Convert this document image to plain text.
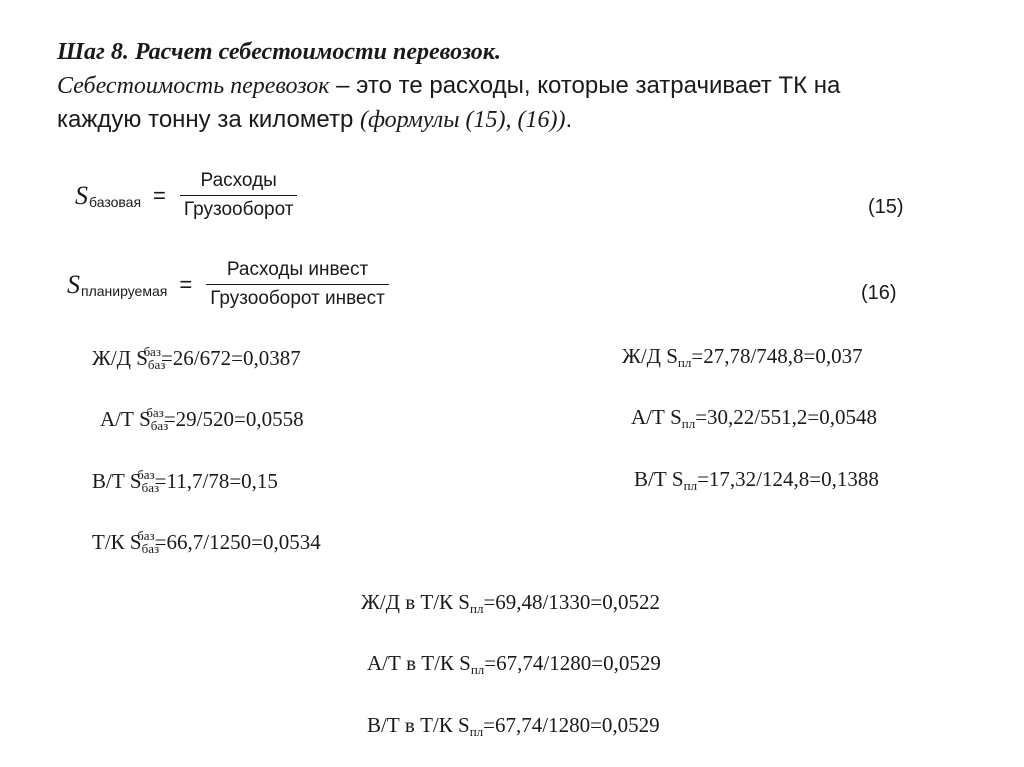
Шаг 8. Расчет себестоимости перевозок.
Себестоимость перевозок – это те расходы, которые затрачивает ТК на
каждую тонну за километр (формулы (15), (16)).
S базовая = $\frac{\text{Расходы}}{\text{Грузооборот}}$	(15)
S планируемая = $\frac{\text{Расходы инвест}}{\text{Грузооборот инвест}}$	(16)
Ж/Д $S_{баз}^{баз}=26/672=0,0387$
А/Т $S_{баз}^{баз}=29/520=0,0558$
В/Т $S_{баз}^{баз}=11,7/78=0,15$
Т/К $S_{баз}^{баз}=66,7/1250=0,0534$
Ж/Д $S_{пл}=27,78/748,8=0,037$
А/Т $S_{пл}=30,22/551,2=0,0548$
В/Т $S_{пл}=17,32/124,8=0,1388$
Ж/Д в Т/К $S_{пл}=69,48/1330=0,0522$
А/Т в Т/К $S_{пл}=67,74/1280=0,0529$
В/Т в Т/К $S_{пл}=67,74/1280=0,0529$
